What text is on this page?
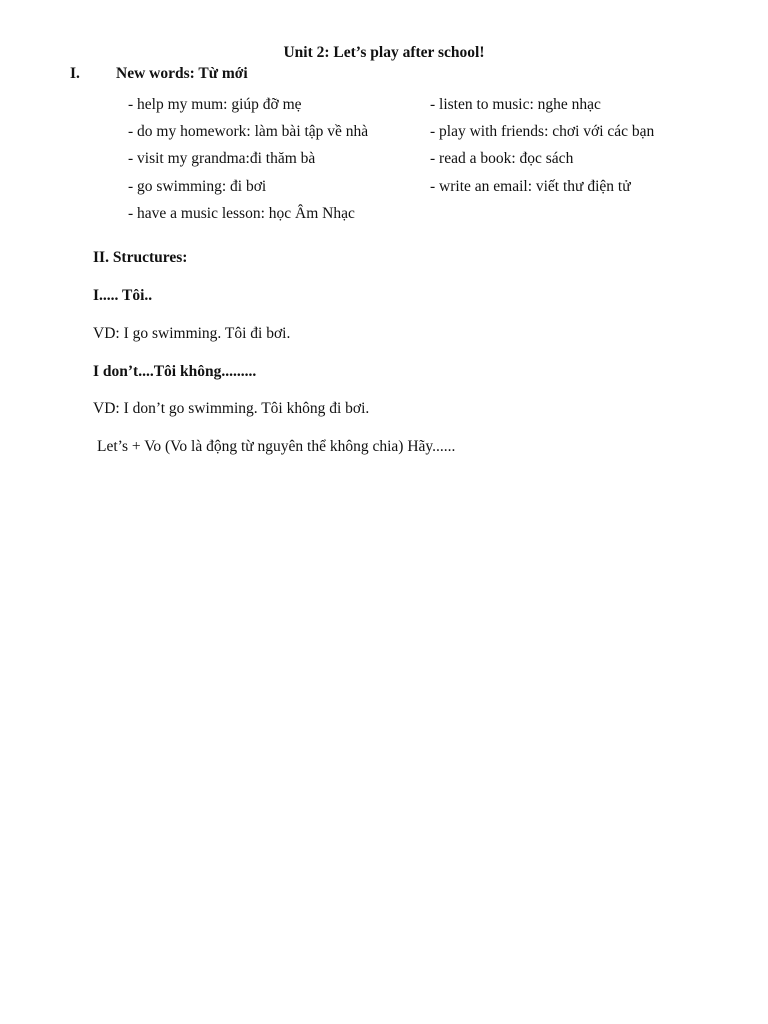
Unit 2: Let’s play after school!
I. New words: Từ mới
- help my mum: giúp đỡ mẹ
- do my homework: làm bài tập về nhà
- visit my grandma:đi thăm bà
- go swimming: đi bơi
- have a music lesson: học Âm Nhạc
- listen to music: nghe nhạc
- play with friends: chơi với các bạn
- read a book: đọc sách
- write an email: viết thư điện tử
II. Structures:
I..... Tôi..
VD: I go swimming. Tôi đi bơi.
I don’t....Tôi không.........
VD: I don’t go swimming. Tôi không đi bơi.
Let’s + Vo (Vo là động từ nguyên thể không chia) Hãy......
